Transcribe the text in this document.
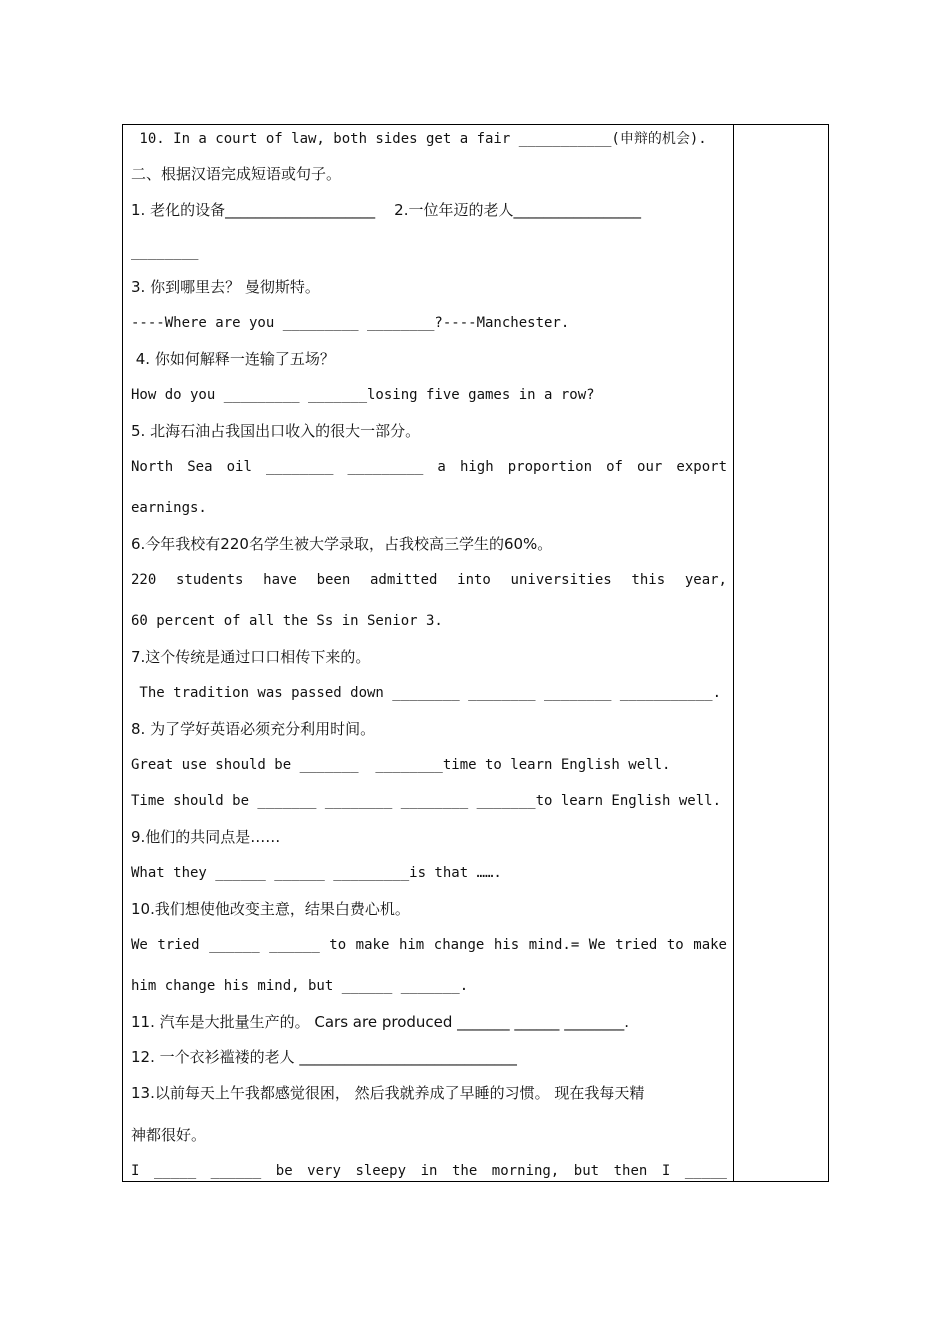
10. In a court of law, both sides get a fair ___________(申辩的机会).
二、根据汉语完成短语或句子。
1. 老化的设备____________________    2.一位年迈的老人_________________
________
3. 你到哪里去？ 曼彻斯特。
----Where are you _________ ________?----Manchester.
4. 你如何解释一连输了五场？
How do you _________ _______losing five games in a row?
5. 北海石油占我国出口收入的很大一部分。
North Sea oil ________ _________ a high proportion of our export
earnings.
6.今年我校有220名学生被大学录取，占我校高三学生的60%。
220 students have been admitted into universities this year,
60 percent of all the Ss in Senior 3.
7.这个传统是通过口口相传下来的。
The tradition was passed down ________ ________ ________ ___________.
8. 为了学好英语必须充分利用时间。
Great use should be _______  ________time to learn English well.
Time should be _______ ________ ________ _______to learn English well.
9.他们的共同点是……
What they ______ ______ _________is that …….
10.我们想使他改变主意，结果白费心机。
We tried ______ ______ to make him change his mind.= We tried to make
him change his mind, but ______ _______.
11. 汽车是大批量生产的。 Cars are produced _______ ______ ________.
12. 一个衣衫褴褛的老人 _____________________________
13.以前每天上午我都感觉很困， 然后我就养成了早睡的习惯。 现在我每天精
神都很好。
I _____ ______ be very sleepy in the morning, but then I _____
